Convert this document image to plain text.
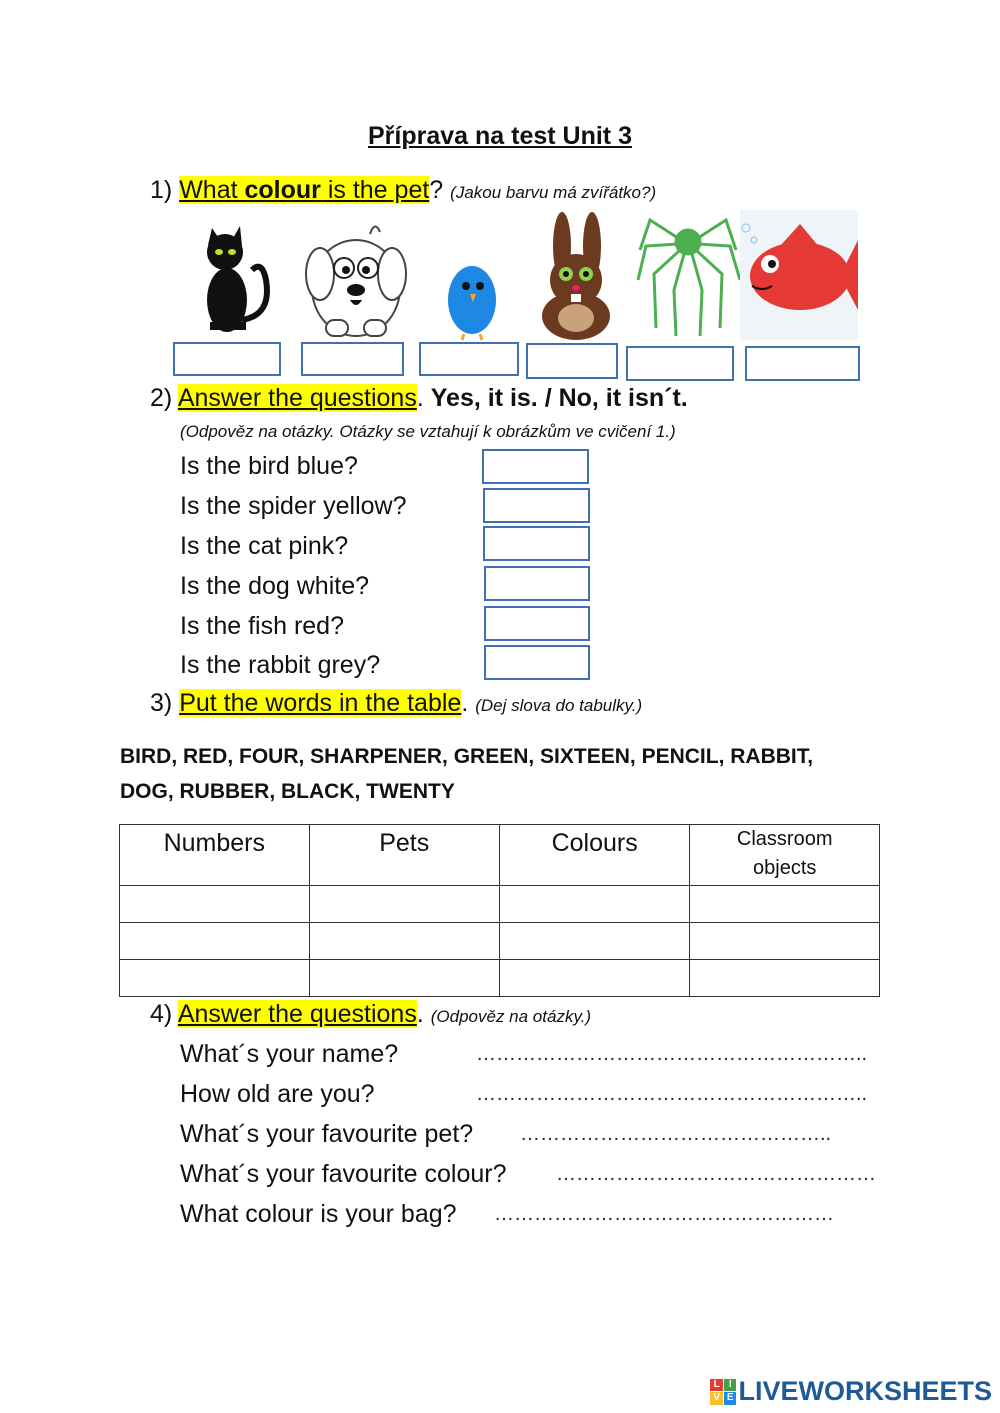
Příprava na test Unit 3
1) What colour is the pet? (Jakou barvu má zvířátko?)
2) Answer the questions. Yes, it is. / No, it isn´t.
(Odpověz na otázky. Otázky se vztahují k obrázkům ve cvičení 1.)
Is the bird blue?
Is the spider yellow?
Is the cat pink?
Is the dog white?
Is the fish red?
Is the rabbit grey?
3) Put the words in the table. (Dej slova do tabulky.)
BIRD, RED, FOUR, SHARPENER, GREEN, SIXTEEN, PENCIL, RABBIT,
DOG, RUBBER, BLACK, TWENTY
Numbers	Pets	Colours	Classroom
objects

4) Answer the questions. (Odpověz na otázky.)
What´s your name?	…………………………………………………..
How old are you?	…………………………………………………..
What´s your favourite pet? ………………………………………..
What´s your favourite colour? …………………………………………
What colour is your bag? ……………………………………………
L I
V E LIVEWORKSHEETS
